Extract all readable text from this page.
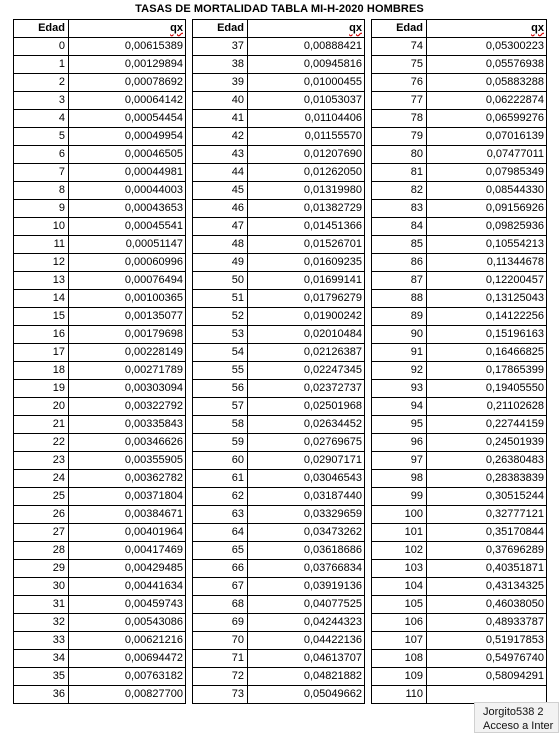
TASAS DE MORTALIDAD TABLA MI-H-2020 HOMBRES
Edad	qx
0	0,00615389
1	0,00129894
2	0,00078692
3	0,00064142
4	0,00054454
5	0,00049954
6	0,00046505
7	0,00044981
8	0,00044003
9	0,00043653
10	0,00045541
11	0,00051147
12	0,00060996
13	0,00076494
14	0,00100365
15	0,00135077
16	0,00179698
17	0,00228149
18	0,00271789
19	0,00303094
20	0,00322792
21	0,00335843
22	0,00346626
23	0,00355905
24	0,00362782
25	0,00371804
26	0,00384671
27	0,00401964
28	0,00417469
29	0,00429485
30	0,00441634
31	0,00459743
32	0,00543086
33	0,00621216
34	0,00694472
35	0,00763182
36	0,00827700
Edad	qx
37	0,00888421
38	0,00945816
39	0,01000455
40	0,01053037
41	0,01104406
42	0,01155570
43	0,01207690
44	0,01262050
45	0,01319980
46	0,01382729
47	0,01451366
48	0,01526701
49	0,01609235
50	0,01699141
51	0,01796279
52	0,01900242
53	0,02010484
54	0,02126387
55	0,02247345
56	0,02372737
57	0,02501968
58	0,02634452
59	0,02769675
60	0,02907171
61	0,03046543
62	0,03187440
63	0,03329659
64	0,03473262
65	0,03618686
66	0,03766834
67	0,03919136
68	0,04077525
69	0,04244323
70	0,04422136
71	0,04613707
72	0,04821882
73	0,05049662
Edad	qx
74	0,05300223
75	0,05576938
76	0,05883288
77	0,06222874
78	0,06599276
79	0,07016139
80	0,07477011
81	0,07985349
82	0,08544330
83	0,09156926
84	0,09825936
85	0,10554213
86	0,11344678
87	0,12200457
88	0,13125043
89	0,14122256
90	0,15196163
91	0,16466825
92	0,17865399
93	0,19405550
94	0,21102628
95	0,22744159
96	0,24501939
97	0,26380483
98	0,28383839
99	0,30515244
100	0,32777121
101	0,35170844
102	0,37696289
103	0,40351871
104	0,43134325
105	0,46038050
106	0,48933787
107	0,51917853
108	0,54976740
109	0,58094291
110	
Jorgito538 2
Acceso a Inter
